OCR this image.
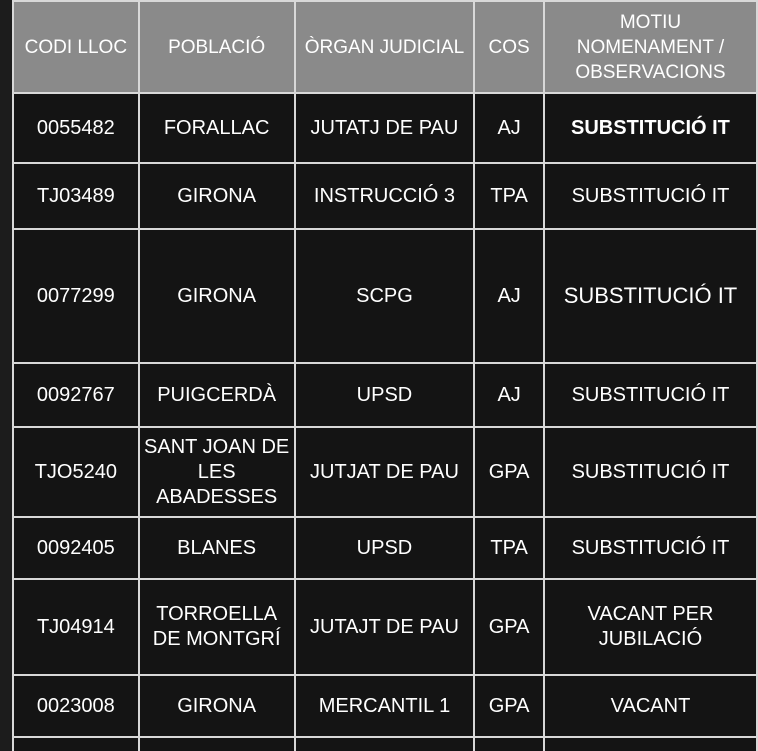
CODI LLOC	POBLACIÓ	ÒRGAN JUDICIAL	COS	MOTIU NOMENAMENT / OBSERVACIONS
0055482	FORALLAC	JUTATJ DE PAU	AJ	SUBSTITUCIÓ IT
TJ03489	GIRONA	INSTRUCCIÓ 3	TPA	SUBSTITUCIÓ IT
0077299	GIRONA	SCPG	AJ	SUBSTITUCIÓ IT
0092767	PUIGCERDÀ	UPSD	AJ	SUBSTITUCIÓ IT
TJO5240	SANT JOAN DE LES ABADESSES	JUTJAT DE PAU	GPA	SUBSTITUCIÓ IT
0092405	BLANES	UPSD	TPA	SUBSTITUCIÓ IT
TJ04914	TORROELLA DE MONTGRÍ	JUTAJT DE PAU	GPA	VACANT PER JUBILACIÓ
0023008	GIRONA	MERCANTIL 1	GPA	VACANT
